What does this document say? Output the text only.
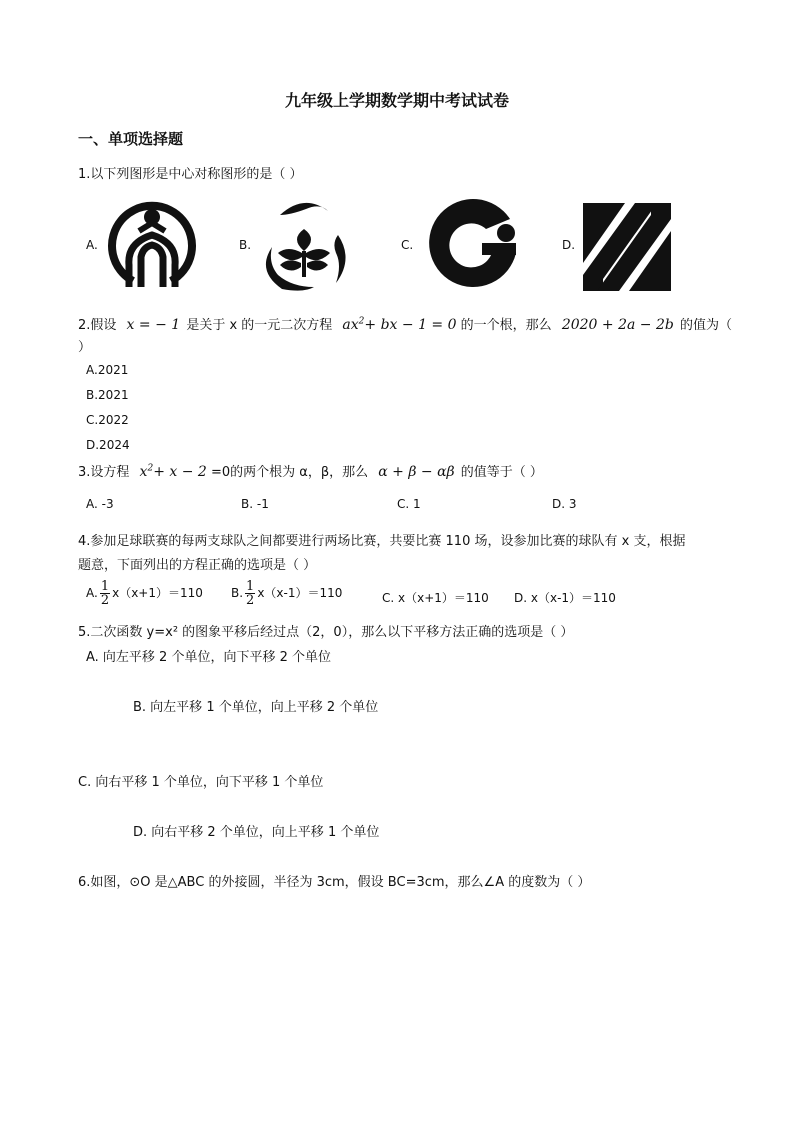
九年级上学期数学期中考试试卷
一、单项选择题
1.以下列图形是中心对称图形的是（ ）
A.	B.	C.	D.
2.假设 x = − 1 是关于 x 的一元二次方程 $ax^2+$ bx − 1 = 0 的一个根，那么 2020 + 2a − 2b 的值为（
）
A.2021
B.2021
C.2022
D.2024
3.设方程 $x^2+ x - 2 =0$的两个根为 α，β，那么 α + β − αβ 的值等于（ ）
A. -3	B. -1	C. 1	D. 3
4.参加足球联赛的每两支球队之间都要进行两场比赛，共要比赛 110 场，设参加比赛的球队有 x 支，根据
题意，下面列出的方程正确的选项是（ ）
A. $\frac{1}{2} x(x+1)=110$ B. $\frac{1}{2} x(x-1)=110$	C. x（x+1）＝110 D. x（x-1）＝110
5.二次函数 y=x² 的图象平移后经过点（2，0），那么以下平移方法正确的选项是（ ）
A. 向左平移 2 个单位，向下平移 2 个单位
B. 向左平移 1 个单位，向上平移 2 个单位
C. 向右平移 1 个单位，向下平移 1 个单位
D. 向右平移 2 个单位，向上平移 1 个单位
6.如图，⊙O 是△ABC 的外接圆，半径为 3cm，假设 BC=3cm，那么∠A 的度数为（ ）
